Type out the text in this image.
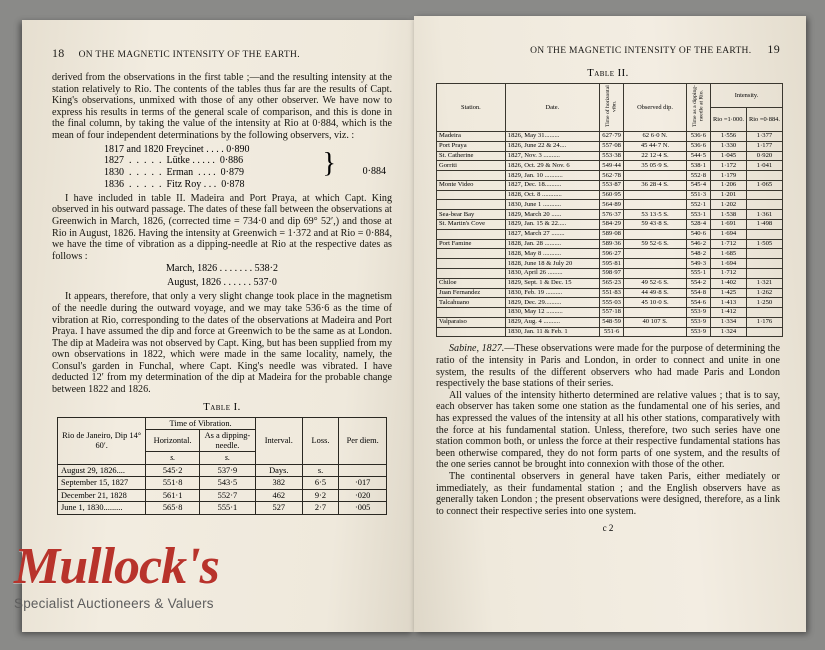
18 ON THE MAGNETIC INTENSITY OF THE EARTH.

derived from the observations in the first table ;—and the resulting intensity at the station relatively to Rio. The contents of the tables thus far are the results of Capt. King's observations, unmixed with those of any other observer. We have now to express his results in terms of the general scale of comparison, and this is done in the final column, by taking the value of the intensity at Rio at 0·884, which is the mean of four independent determinations by the following observers, viz. :

1817 and 1820 Freycinet . . . . 0·890
1827  .  .  .  .  .  Lütke . . . . .  0·886
1830  .  .  .  .  .  Erman  . . . .  0·879
1836  .  .  .  .  .  Fitz Roy . . .  0·878
}	0·884

I have included in table II. Madeira and Port Praya, at which Capt. King observed in his outward passage. The dates of these fall between the observations at Greenwich in March, 1826, (corrected time = 734·0 and dip 69° 52′,) and those at Rio in August, 1826. Having the intensity at Greenwich = 1·372 and at Rio = 0·884, we have the time of vibration as a dipping-needle at Rio at the respective dates as follows :

March, 1826 . . . . . . . 538·2
August, 1826 . . . . . . 537·0

It appears, therefore, that only a very slight change took place in the magnetism of the needle during the outward voyage, and we may take 536·6 as the time of vibration at Rio, corresponding to the dates of the observations at Madeira and Port Praya. I have assumed the dip and force at Greenwich to be the same as at London. The dip at Madeira was not observed by Capt. King, but has been supplied from my own observations in 1822, which were made in the same locality, namely, the Consul's garden in Funchal, where Capt. King's needle was vibrated. I have deducted 12′ from my determination of the dip at Madeira for the probable change between 1822 and 1826.

Table I.
Rio de Janeiro, Dip 14° 60′.	Time of Vibration.		Interval.	Loss.	Per diem.
	Horizontal.	As a dipping-needle.			
	s.	s.			
August 29, 1826....	545·2	537·9	Days.	s.	
September 15, 1827	551·8	543·5	382	6·5	·017
December 21, 1828	561·1	552·7	462	9·2	·020
June 1, 1830.........	565·8	555·1	527	2·7	·005
ON THE MAGNETIC INTENSITY OF THE EARTH. 19
Table II.
Station.	Date.	Time of horizontal vibn.	Observed dip.	Time as a dipping-needle at Rio.	Intensity.	
					Rio =1·000.	Rio =0·884.
Madeira	1826, May 31.........	627·79	62 6·0 N.	536·6	1·556	1·377
Port Praya	1826, June 22 & 24....	557·08	45 44·7 N.	536·6	1·330	1·177
St. Catherine	1827, Nov. 3 ..........	553·38	22 12·4 S.	544·5	1·045	0·920
Gorriti	1826, Oct. 29 & Nov. 6	549·44	35 05·9 S.	538·1	1·172	1·041
	1829, Jan. 10 ...........	562·78		552·8	1·179	
Monte Video	1827, Dec. 18..........	553·87	36 28·4 S.	545·4	1·206	1·065
	1828, Oct. 8 ............	560·95		551·3	1·201	
	1830, June 1 ...........	564·89		552·1	1·202	
Sea-bear Bay	1829, March 20 ......	576·37	53 13·5 S.	553·1	1·538	1·361
St. Martin's Cove	1829, Jan. 15 & 22.....	584·29	59 43·8 S.	528·4	1·691	1·498
	1827, March 27 ........	589·08		540·6	1·694	
Port Famine	1828, Jan. 28 ..........	589·36	59 52·6 S.	546·2	1·712	1·505
	1828, May 8 ...........	596·27		548·2	1·685	
	1828, June 18 & July 20	595·81		549·3	1·694	
	1830, April 26 .........	598·97		555·1	1·712	
Chiloe	1829, Sept. 1 & Dec. 15	565·23	49 52·6 S.	554·2	1·402	1·321
Juan Fernandez	1830, Feb. 19 ..........	551·83	44 49·8 S.	554·8	1·425	1·262
Talcahuano	1829, Dec. 29..........	555·03	45 10·0 S.	554·6	1·413	1·250
	1830, May 12 ..........	557·18		553·9	1·412	
Valparaiso	1829, Aug. 4 ..........	548·59	40 107 S.	553·9	1·334	1·176
	1830, Jan. 11 & Feb. 1	551·6		553·9	1·324	

Sabine, 1827.—These observations were made for the purpose of determining the ratio of the intensity in Paris and London, in order to connect and unite in one system, the results of the different observers who had made Paris and London respectively the base stations of their series.

All values of the intensity hitherto determined are relative values ; that is to say, each observer has taken some one station as the fundamental one of his series, and has expressed the values of the intensity at all his other stations, comparatively with the force at his fundamental station. Unless, therefore, two such series have one station common both, or unless the force at their respective fundamental stations has been otherwise compared, they do not form parts of one system, and the results of the one series cannot be brought into connexion with those of the other.

The continental observers in general have taken Paris, either mediately or immediately, as their fundamental station ; and the English observers have as generally taken London ; the present observations were designed, therefore, as a link to connect their respective series into one system.

c 2
Mullock's
Specialist Auctioneers & Valuers
